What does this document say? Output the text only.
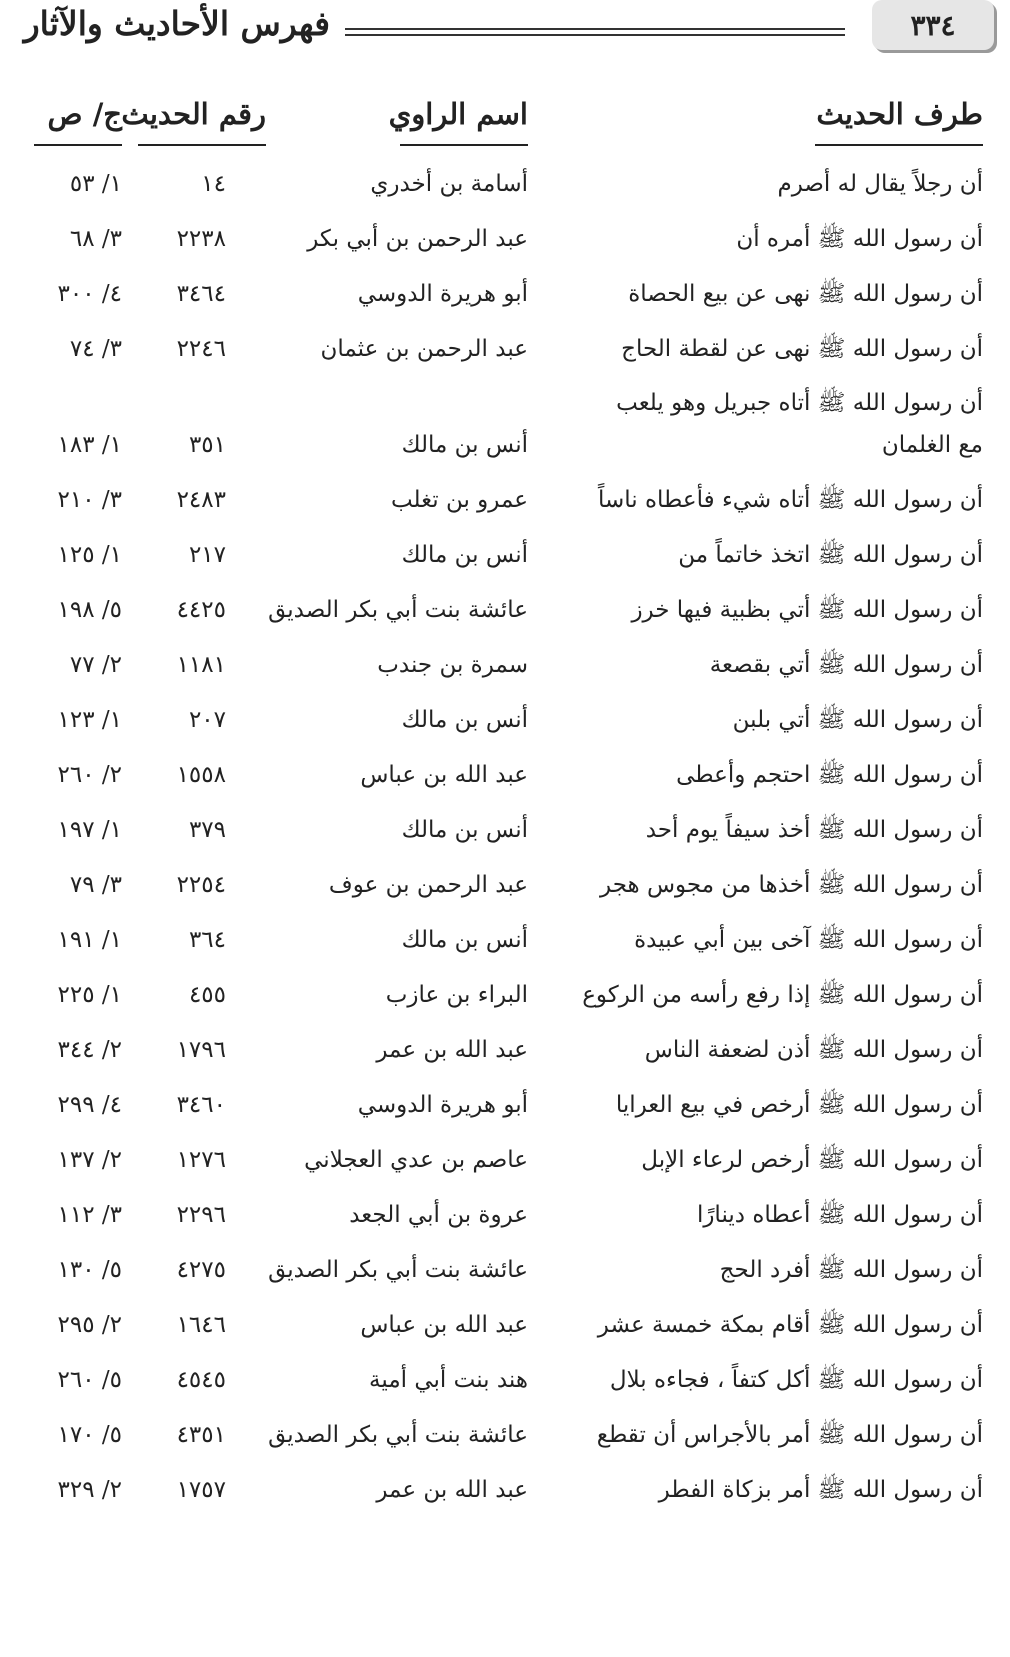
٣٣٤
فهرس الأحاديث والآثار
طرف الحديث
اسم الراوي
رقم الحديث
ج/ ص
أن رجلاً يقال له أصرم
أسامة بن أخدري
١٤
١/ ٥٣
أن رسول الله ﷺ أمره أن
عبد الرحمن بن أبي بكر
٢٢٣٨
٣/ ٦٨
أن رسول الله ﷺ نهى عن بيع الحصاة
أبو هريرة الدوسي
٣٤٦٤
٤/ ٣٠٠
أن رسول الله ﷺ نهى عن لقطة الحاج
عبد الرحمن بن عثمان
٢٢٤٦
٣/ ٧٤
أن رسول الله ﷺ أتاه جبريل وهو يلعب مع الغلمان
أنس بن مالك
٣٥١
١/ ١٨٣
أن رسول الله ﷺ أتاه شيء فأعطاه ناساً
عمرو بن تغلب
٢٤٨٣
٣/ ٢١٠
أن رسول الله ﷺ اتخذ خاتماً من
أنس بن مالك
٢١٧
١/ ١٢٥
أن رسول الله ﷺ أتي بظبية فيها خرز
عائشة بنت أبي بكر الصديق
٤٤٢٥
٥/ ١٩٨
أن رسول الله ﷺ أتي بقصعة
سمرة بن جندب
١١٨١
٢/ ٧٧
أن رسول الله ﷺ أتي بلبن
أنس بن مالك
٢٠٧
١/ ١٢٣
أن رسول الله ﷺ احتجم وأعطى
عبد الله بن عباس
١٥٥٨
٢/ ٢٦٠
أن رسول الله ﷺ أخذ سيفاً يوم أحد
أنس بن مالك
٣٧٩
١/ ١٩٧
أن رسول الله ﷺ أخذها من مجوس هجر
عبد الرحمن بن عوف
٢٢٥٤
٣/ ٧٩
أن رسول الله ﷺ آخى بين أبي عبيدة
أنس بن مالك
٣٦٤
١/ ١٩١
أن رسول الله ﷺ إذا رفع رأسه من الركوع
البراء بن عازب
٤٥٥
١/ ٢٢٥
أن رسول الله ﷺ أذن لضعفة الناس
عبد الله بن عمر
١٧٩٦
٢/ ٣٤٤
أن رسول الله ﷺ أرخص في بيع العرايا
أبو هريرة الدوسي
٣٤٦٠
٤/ ٢٩٩
أن رسول الله ﷺ أرخص لرعاء الإبل
عاصم بن عدي العجلاني
١٢٧٦
٢/ ١٣٧
أن رسول الله ﷺ أعطاه دينارًا
عروة بن أبي الجعد
٢٢٩٦
٣/ ١١٢
أن رسول الله ﷺ أفرد الحج
عائشة بنت أبي بكر الصديق
٤٢٧٥
٥/ ١٣٠
أن رسول الله ﷺ أقام بمكة خمسة عشر
عبد الله بن عباس
١٦٤٦
٢/ ٢٩٥
أن رسول الله ﷺ أكل كتفاً ، فجاءه بلال
هند بنت أبي أمية
٤٥٤٥
٥/ ٢٦٠
أن رسول الله ﷺ أمر بالأجراس أن تقطع
عائشة بنت أبي بكر الصديق
٤٣٥١
٥/ ١٧٠
أن رسول الله ﷺ أمر بزكاة الفطر
عبد الله بن عمر
١٧٥٧
٢/ ٣٢٩
